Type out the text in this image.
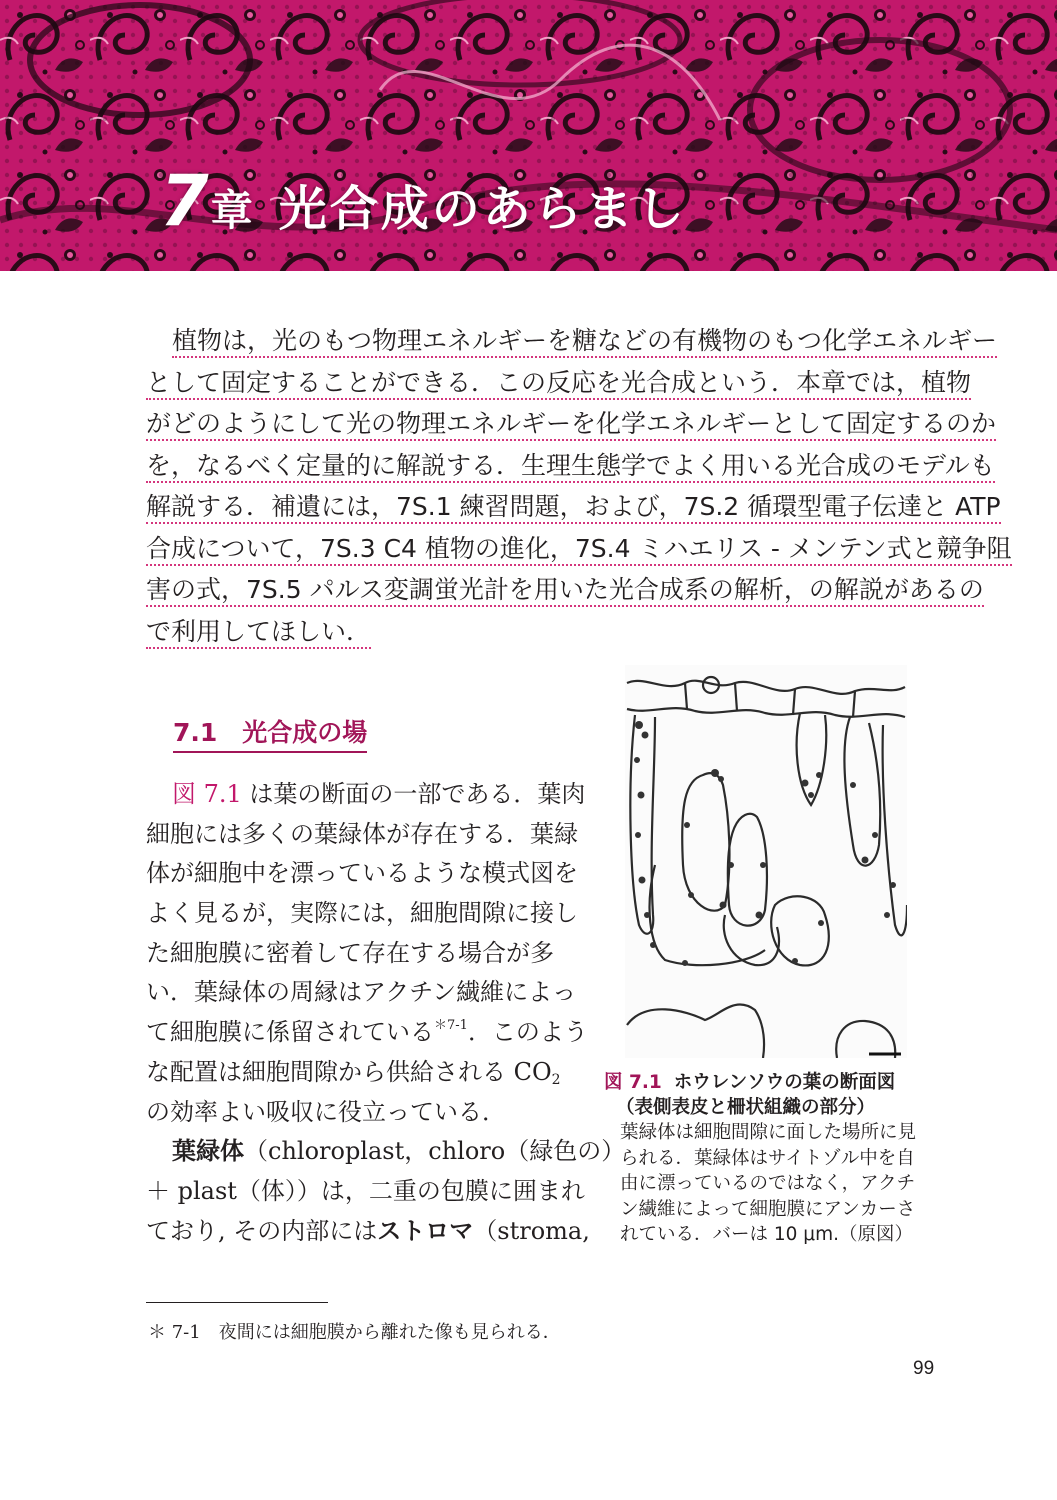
7章 光合成のあらまし
植物は，光のもつ物理エネルギーを糖などの有機物のもつ化学エネルギー
として固定することができる．この反応を光合成という．本章では，植物
がどのようにして光の物理エネルギーを化学エネルギーとして固定するのか
を，なるべく定量的に解説する．生理生態学でよく用いる光合成のモデルも
解説する．補遺には，7S.1 練習問題，および，7S.2 循環型電子伝達と ATP
合成について，7S.3 C4 植物の進化，7S.4 ミハエリス - メンテン式と競争阻
害の式，7S.5 パルス変調蛍光計を用いた光合成系の解析，の解説があるの
で利用してほしい．
7.1　光合成の場
図 7.1 は葉の断面の一部である．葉肉
細胞には多くの葉緑体が存在する．葉緑
体が細胞中を漂っているような模式図を
よく見るが，実際には，細胞間隙に接し
た細胞膜に密着して存在する場合が多
い．葉緑体の周縁はアクチン繊維によっ
て細胞膜に係留されている$^{*7-1}$．このよう
な配置は細胞間隙から供給される $CO_2$
の効率よい吸収に役立っている．
葉緑体（chloroplast，chloro（緑色の）
＋ plast（体））は，二重の包膜に囲まれ
ており, その内部にはストロマ（stroma,
図 7.1 ホウレンソウの葉の断面図
（表側表皮と柵状組織の部分）
葉緑体は細胞間隙に面した場所に見
られる．葉緑体はサイトゾル中を自
由に漂っているのではなく，アクチ
ン繊維によって細胞膜にアンカーさ
れている．バーは 10 μm.（原図）
＊ 7-1　夜間には細胞膜から離れた像も見られる．
99
